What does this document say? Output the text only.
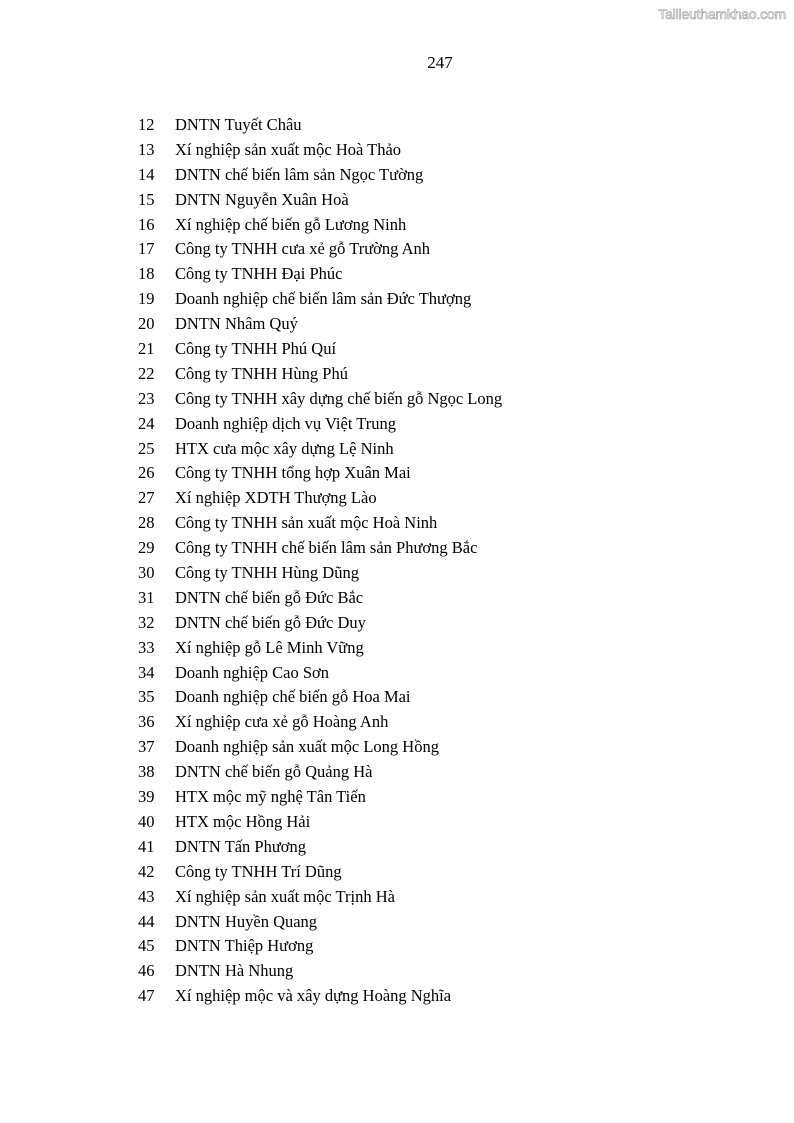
Tailieuthamkhao.com
247
12 DNTN Tuyết Châu
13 Xí nghiệp sản xuất mộc Hoà Thảo
14 DNTN chế biến lâm sản Ngọc Tường
15 DNTN Nguyễn Xuân Hoà
16 Xí nghiệp chế biến gỗ Lương Ninh
17 Công ty TNHH cưa xẻ gỗ Trường Anh
18 Công ty TNHH Đại Phúc
19 Doanh nghiệp chế biến lâm sản Đức Thượng
20 DNTN Nhâm Quý
21 Công ty TNHH Phú Quí
22 Công ty TNHH Hùng Phú
23 Công ty TNHH xây dựng chế biến gỗ Ngọc Long
24 Doanh nghiệp dịch vụ Việt Trung
25 HTX cưa mộc xây dựng Lệ Ninh
26 Công ty TNHH tổng hợp Xuân Mai
27 Xí nghiệp XDTH Thượng Lào
28 Công ty TNHH sản xuất mộc Hoà Ninh
29 Công ty TNHH chế biến lâm sản Phương Bắc
30 Công ty TNHH Hùng Dũng
31 DNTN chế biến gỗ Đức Bắc
32 DNTN chế biến gỗ Đức Duy
33 Xí nghiệp gỗ Lê Minh Vững
34 Doanh nghiệp Cao Sơn
35 Doanh nghiệp chế biến gỗ Hoa Mai
36 Xí nghiệp cưa xẻ gỗ Hoàng Anh
37 Doanh nghiệp sản xuất mộc Long Hồng
38 DNTN chế biến gỗ Quảng Hà
39 HTX mộc mỹ nghệ Tân Tiến
40 HTX mộc Hồng Hải
41 DNTN Tấn Phương
42 Công ty TNHH Trí Dũng
43 Xí nghiệp sản xuất mộc Trịnh Hà
44 DNTN Huyền Quang
45 DNTN Thiệp Hương
46 DNTN Hà Nhung
47 Xí nghiệp mộc và xây dựng Hoàng Nghĩa
